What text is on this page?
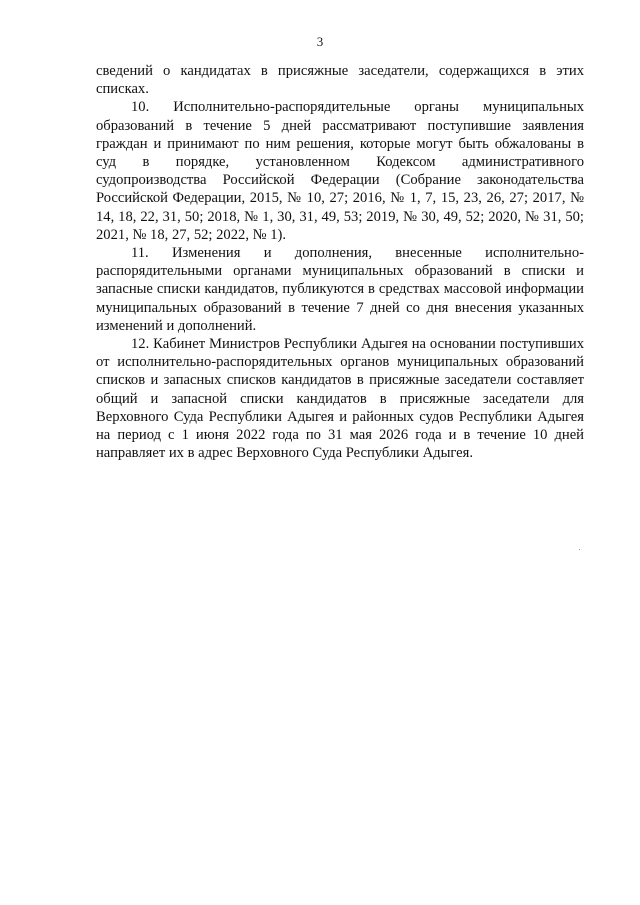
3

сведений о кандидатах в присяжные заседатели, содержащихся в этих списках.

10. Исполнительно-распорядительные органы муниципальных образований в течение 5 дней рассматривают поступившие заявления граждан и принимают по ним решения, которые могут быть обжалованы в суд в порядке, установленном Кодексом административного судопроизводства Российской Федерации (Собрание законодательства Российской Федерации, 2015, № 10, 27; 2016, № 1, 7, 15, 23, 26, 27; 2017, № 14, 18, 22, 31, 50; 2018, № 1, 30, 31, 49, 53; 2019, № 30, 49, 52; 2020, № 31, 50; 2021, № 18, 27, 52; 2022, № 1).

11. Изменения и дополнения, внесенные исполнительно-распорядительными органами муниципальных образований в списки и запасные списки кандидатов, публикуются в средствах массовой информации муниципальных образований в течение 7 дней со дня внесения указанных изменений и дополнений.

12. Кабинет Министров Республики Адыгея на основании поступивших от исполнительно-распорядительных органов муниципальных образований списков и запасных списков кандидатов в присяжные заседатели составляет общий и запасной списки кандидатов в присяжные заседатели для Верховного Суда Республики Адыгея и районных судов Республики Адыгея на период с 1 июня 2022 года по 31 мая 2026 года и в течение 10 дней направляет их в адрес Верховного Суда Республики Адыгея.
